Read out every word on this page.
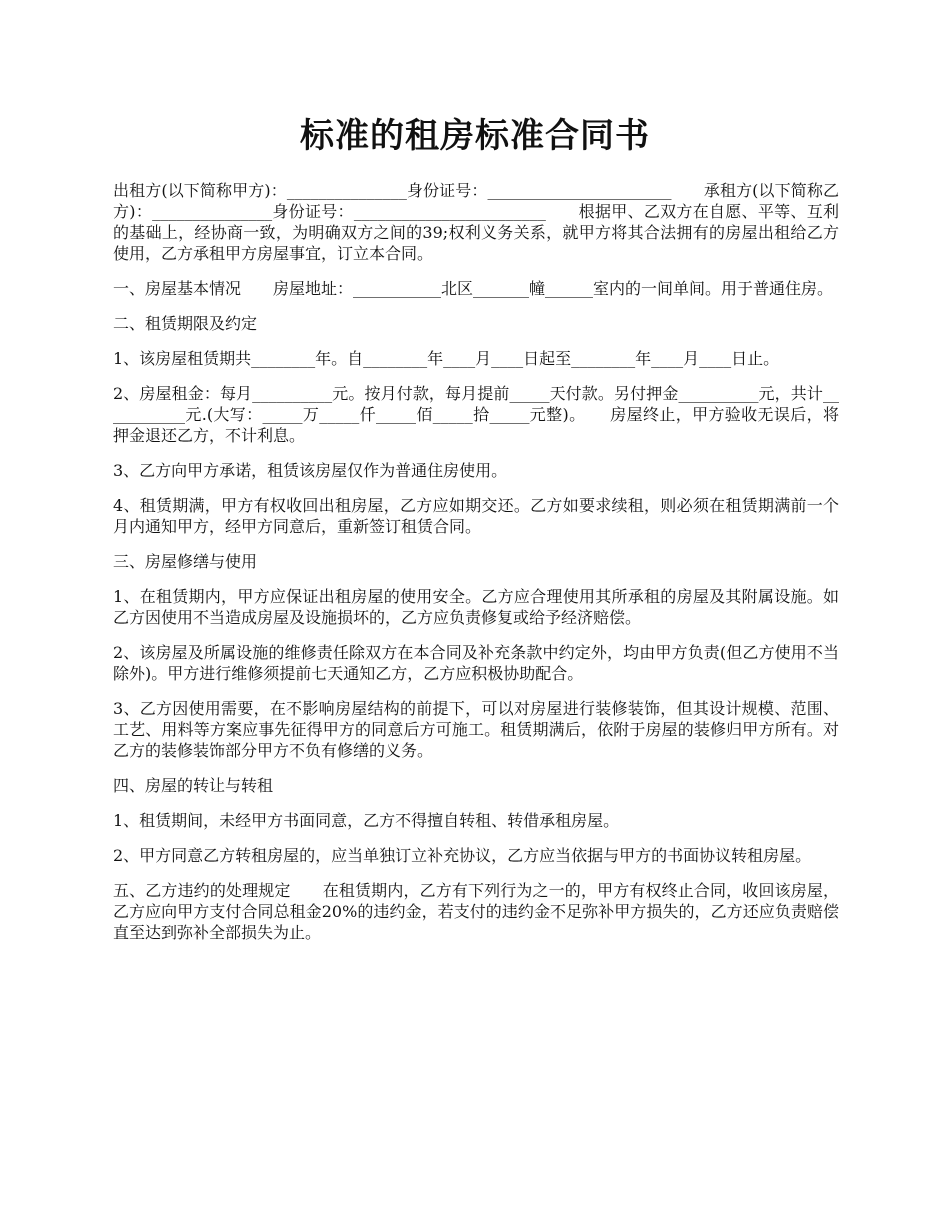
标准的租房标准合同书

出租方(以下简称甲方)：_______________身份证号：_______________________　　承租方(以下简称乙方)：_______________身份证号：________________________　　根据甲、乙双方在自愿、平等、互利的基础上，经协商一致，为明确双方之间的39;权利义务关系，就甲方将其合法拥有的房屋出租给乙方使用，乙方承租甲方房屋事宜，订立本合同。

一、房屋基本情况　　房屋地址：___________北区_______幢______室内的一间单间。用于普通住房。

二、租赁期限及约定

1、该房屋租赁期共________年。自________年____月____日起至________年____月____日止。

2、房屋租金：每月__________元。按月付款，每月提前_____天付款。另付押金__________元，共计___________元.(大写：_____万_____仟_____佰_____拾_____元整)。　　房屋终止，甲方验收无误后，将押金退还乙方，不计利息。

3、乙方向甲方承诺，租赁该房屋仅作为普通住房使用。

4、租赁期满，甲方有权收回出租房屋，乙方应如期交还。乙方如要求续租，则必须在租赁期满前一个月内通知甲方，经甲方同意后，重新签订租赁合同。

三、房屋修缮与使用

1、在租赁期内，甲方应保证出租房屋的使用安全。乙方应合理使用其所承租的房屋及其附属设施。如乙方因使用不当造成房屋及设施损坏的，乙方应负责修复或给予经济赔偿。

2、该房屋及所属设施的维修责任除双方在本合同及补充条款中约定外，均由甲方负责(但乙方使用不当除外)。甲方进行维修须提前七天通知乙方，乙方应积极协助配合。

3、乙方因使用需要，在不影响房屋结构的前提下，可以对房屋进行装修装饰，但其设计规模、范围、工艺、用料等方案应事先征得甲方的同意后方可施工。租赁期满后，依附于房屋的装修归甲方所有。对乙方的装修装饰部分甲方不负有修缮的义务。

四、房屋的转让与转租

1、租赁期间，未经甲方书面同意，乙方不得擅自转租、转借承租房屋。

2、甲方同意乙方转租房屋的，应当单独订立补充协议，乙方应当依据与甲方的书面协议转租房屋。

五、乙方违约的处理规定　　在租赁期内，乙方有下列行为之一的，甲方有权终止合同，收回该房屋，乙方应向甲方支付合同总租金20%的违约金，若支付的违约金不足弥补甲方损失的，乙方还应负责赔偿直至达到弥补全部损失为止。
